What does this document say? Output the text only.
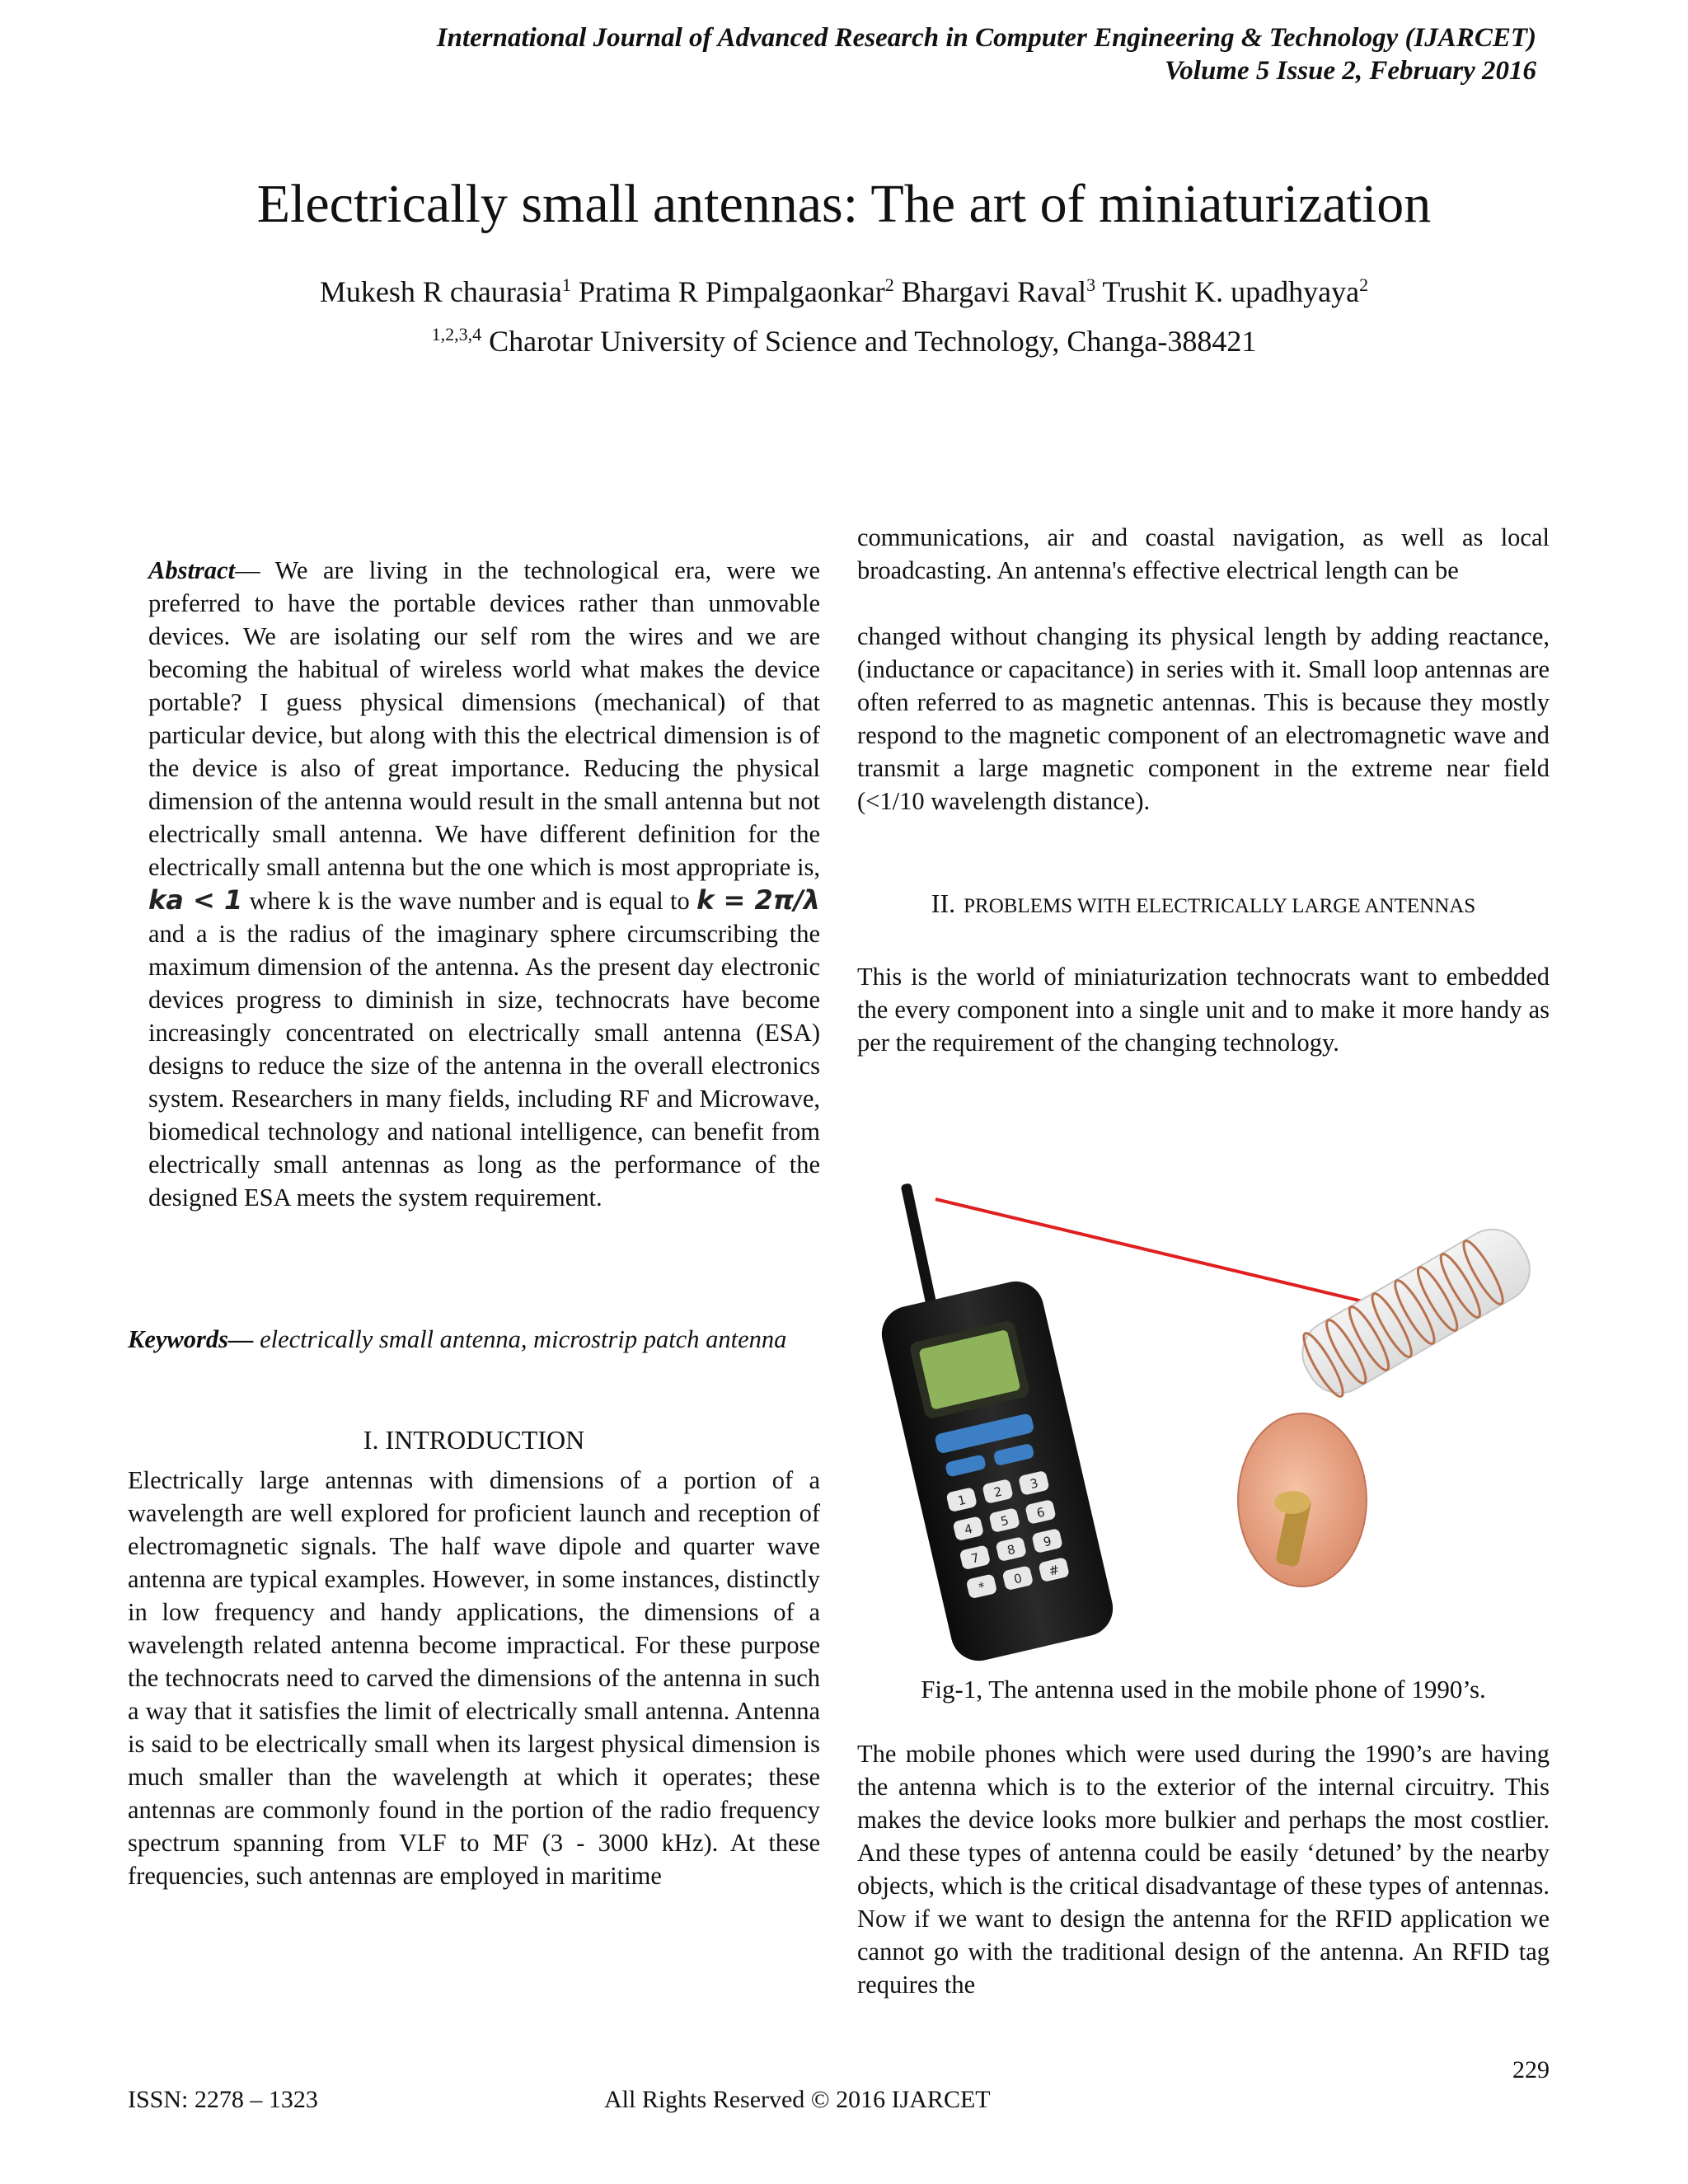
International Journal of Advanced Research in Computer Engineering & Technology (IJARCET)
Volume 5 Issue 2, February 2016
Electrically small antennas: The art of miniaturization
Mukesh R chaurasia$^1$ Pratima R Pimpalgaonkar$^2$ Bhargavi Raval$^3$ Trushit K. upadhyaya$^2$
$^{1,2,3,4}$ Charotar University of Science and Technology, Changa-388421

Abstract— We are living in the technological era, were we preferred to have the portable devices rather than unmovable devices. We are isolating our self rom the wires and we are becoming the habitual of wireless world what makes the device portable? I guess physical dimensions (mechanical) of that particular device, but along with this the electrical dimension is of the device is also of great importance. Reducing the physical dimension of the antenna would result in the small antenna but not electrically small antenna. We have different definition for the electrically small antenna but the one which is most appropriate is, ka < 1 where k is the wave number and is equal to k = 2π/λ and a is the radius of the imaginary sphere circumscribing the maximum dimension of the antenna. As the present day electronic devices progress to diminish in size, technocrats have become increasingly concentrated on electrically small antenna (ESA) designs to reduce the size of the antenna in the overall electronics system. Researchers in many fields, including RF and Microwave, biomedical technology and national intelligence, can benefit from electrically small antennas as long as the performance of the designed ESA meets the system requirement.

Keywords— electrically small antenna, microstrip patch antenna

I. INTRODUCTION

Electrically large antennas with dimensions of a portion of a wavelength are well explored for proficient launch and reception of electromagnetic signals. The half wave dipole and quarter wave antenna are typical examples. However, in some instances, distinctly in low frequency and handy applications, the dimensions of a wavelength related antenna become impractical. For these purpose the technocrats need to carved the dimensions of the antenna in such a way that it satisfies the limit of electrically small antenna. Antenna is said to be electrically small when its largest physical dimension is much smaller than the wavelength at which it operates; these antennas are commonly found in the portion of the radio frequency spectrum spanning from VLF to MF (3 - 3000 kHz). At these frequencies, such antennas are employed in maritime

communications, air and coastal navigation, as well as local broadcasting. An antenna's effective electrical length can be

changed without changing its physical length by adding reactance, (inductance or capacitance) in series with it. Small loop antennas are often referred to as magnetic antennas. This is because they mostly respond to the magnetic component of an electromagnetic wave and transmit a large magnetic component in the extreme near field (<1/10 wavelength distance).

II. PROBLEMS WITH ELECTRICALLY LARGE ANTENNAS

This is the world of miniaturization technocrats want to embedded the every component into a single unit and to make it more handy as per the requirement of the changing technology.

1
2
3
4
5
6
7
8
9
*
0 #
Fig-1, The antenna used in the mobile phone of 1990’s.

The mobile phones which were used during the 1990’s are having the antenna which is to the exterior of the internal circuitry. This makes the device looks more bulkier and perhaps the most costlier. And these types of antenna could be easily ‘detuned’ by the nearby objects, which is the critical disadvantage of these types of antennas. Now if we want to design the antenna for the RFID application we cannot go with the traditional design of the antenna. An RFID tag requires the

229
ISSN: 2278 – 1323	All Rights Reserved © 2016 IJARCET
